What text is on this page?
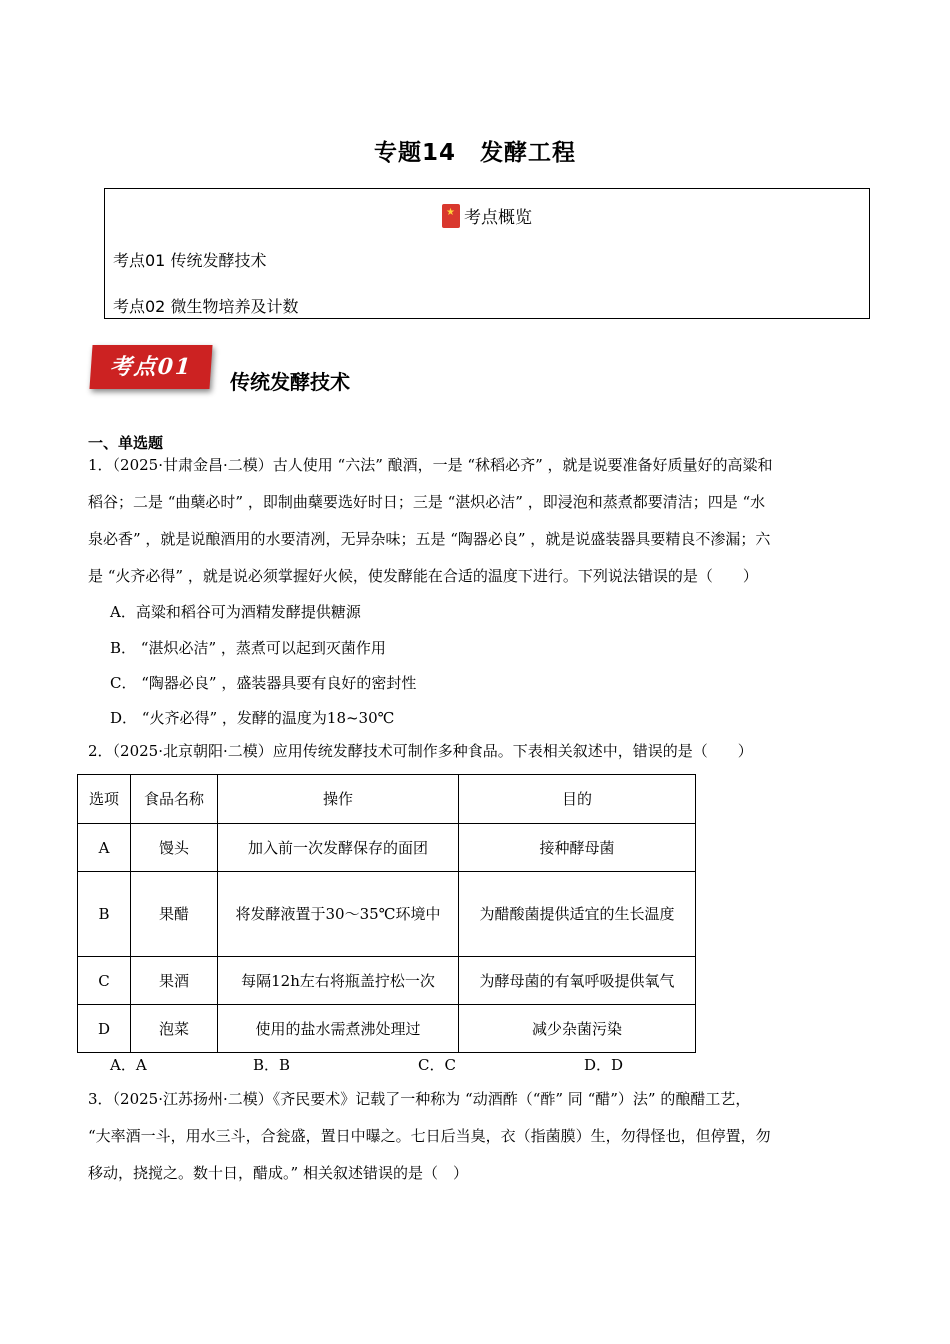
专题14　发酵工程
★考点概览
考点01 传统发酵技术
考点02 微生物培养及计数
考点01
传统发酵技术
一、单选题
1．（2025·甘肃金昌·二模）古人使用 “六法” 酿酒，一是 “秫稻必齐” ，就是说要准备好质量好的高粱和
稻谷；二是 “曲蘖必时” ，即制曲蘖要选好时日；三是 “湛炽必洁” ，即浸泡和蒸煮都要清洁；四是 “水
泉必香” ，就是说酿酒用的水要清冽，无异杂味；五是 “陶器必良” ，就是说盛装器具要精良不渗漏；六
是 “火齐必得” ，就是说必须掌握好火候，使发酵能在合适的温度下进行。下列说法错误的是（　　）
A．高粱和稻谷可为酒精发酵提供糖源
B． “湛炽必洁” ，蒸煮可以起到灭菌作用
C． “陶器必良” ，盛装器具要有良好的密封性
D． “火齐必得” ，发酵的温度为18~30℃
2．（2025·北京朝阳·二模）应用传统发酵技术可制作多种食品。下表相关叙述中，错误的是（　　）
选项	食品名称	操作	目的
A	馒头	加入前一次发酵保存的面团	接种酵母菌
B	果醋	将发酵液置于30～35℃环境中	为醋酸菌提供适宜的生长温度
C	果酒	每隔12h左右将瓶盖拧松一次	为酵母菌的有氧呼吸提供氧气
D	泡菜	使用的盐水需煮沸处理过	减少杂菌污染
A．A	B．B	C．C	D．D
3．（2025·江苏扬州·二模）《齐民要术》记载了一种称为 “动酒酢（“酢” 同 “醋”）法” 的酿醋工艺，
“大率酒一斗，用水三斗，合瓮盛，置日中曝之。七日后当臭，衣（指菌膜）生，勿得怪也，但停置，勿
移动，挠搅之。数十日，醋成。” 相关叙述错误的是（　）
